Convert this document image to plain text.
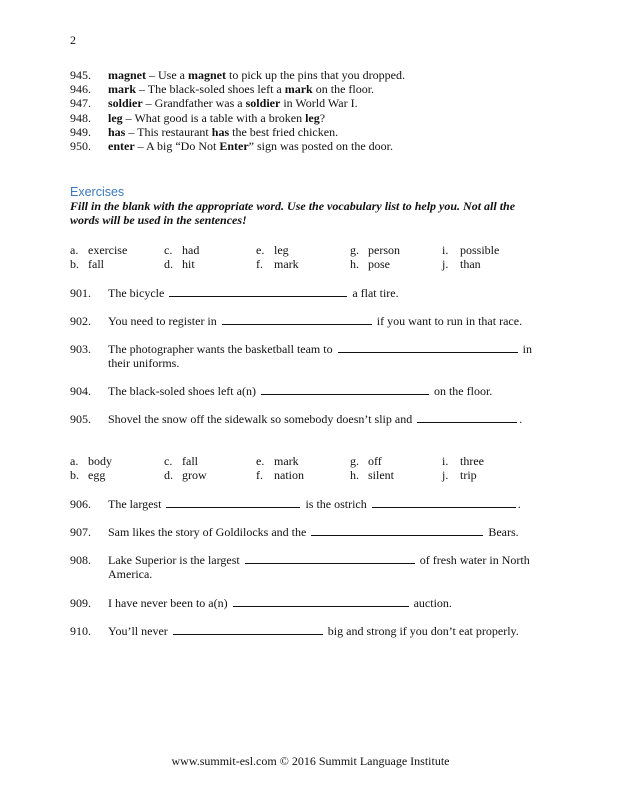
2
945.	magnet – Use a magnet to pick up the pins that you dropped.
946.	mark – The black-soled shoes left a mark on the floor.
947.	soldier – Grandfather was a soldier in World War I.
948.	leg – What good is a table with a broken leg?
949.	has – This restaurant has the best fried chicken.
950.	enter – A big “Do Not Enter” sign was posted on the door.
Exercises
Fill in the blank with the appropriate word. Use the vocabulary list to help you. Not all the words will be used in the sentences!
a. exercise	c. had	e. leg	g. person	i. possible
b. fall	d. hit	f. mark	h. pose	j. than
901.	The bicycle	a flat tire.
902.	You need to register in	if you want to run in that race.
903.	The photographer wants the basketball team to	in their uniforms.
904.	The black-soled shoes left a(n)	on the floor.
905.	Shovel the snow off the sidewalk so somebody doesn’t slip and	.
a. body	c. fall	e. mark	g. off	i. three
b. egg	d. grow	f. nation	h. silent	j. trip
906.	The largest	is the ostrich	.
907.	Sam likes the story of Goldilocks and the	Bears.
908.	Lake Superior is the largest	of fresh water in North America.
909.	I have never been to a(n)	auction.
910.	You’ll never	big and strong if you don’t eat properly.
www.summit-esl.com © 2016 Summit Language Institute
